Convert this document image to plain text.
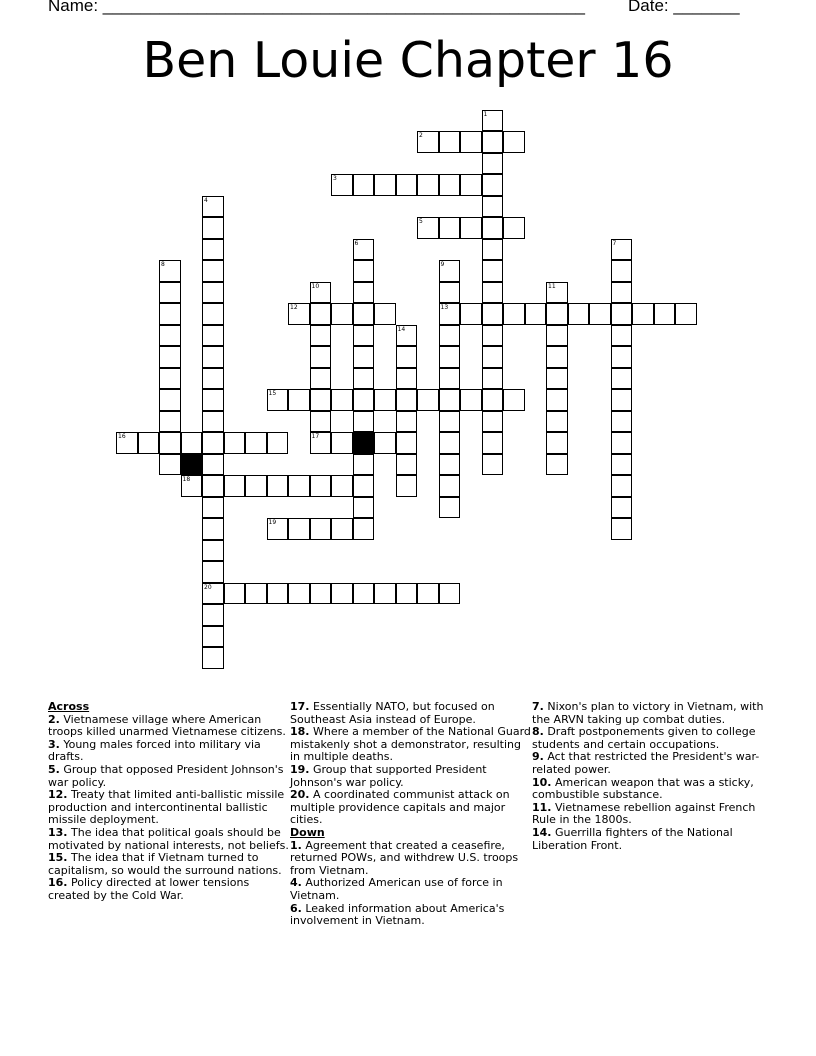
Name: ___________________________________________________	Date: _______
Ben Louie Chapter 16
2
3
5
12	13
15
16	17
18
19
20
1
4
6	7
8	9
10	11
14

Across

2. Vietnamese village where American troops killed unarmed Vietnamese citizens.

3. Young males forced into military via drafts.

5. Group that opposed President Johnson's war policy.

12. Treaty that limited anti-ballistic missile production and intercontinental ballistic missile deployment.

13. The idea that political goals should be motivated by national interests, not beliefs.

15. The idea that if Vietnam turned to capitalism, so would the surround nations.

16. Policy directed at lower tensions created by the Cold War.

17. Essentially NATO, but focused on Southeast Asia instead of Europe.

18. Where a member of the National Guard mistakenly shot a demonstrator, resulting in multiple deaths.

19. Group that supported President Johnson's war policy.

20. A coordinated communist attack on multiple providence capitals and major cities.

Down

1. Agreement that created a ceasefire, returned POWs, and withdrew U.S. troops from Vietnam.

4. Authorized American use of force in Vietnam.

6. Leaked information about America's involvement in Vietnam.

7. Nixon's plan to victory in Vietnam, with the ARVN taking up combat duties.

8. Draft postponements given to college students and certain occupations.

9. Act that restricted the President's war-related power.

10. American weapon that was a sticky, combustible substance.

11. Vietnamese rebellion against French Rule in the 1800s.

14. Guerrilla fighters of the National Liberation Front.
